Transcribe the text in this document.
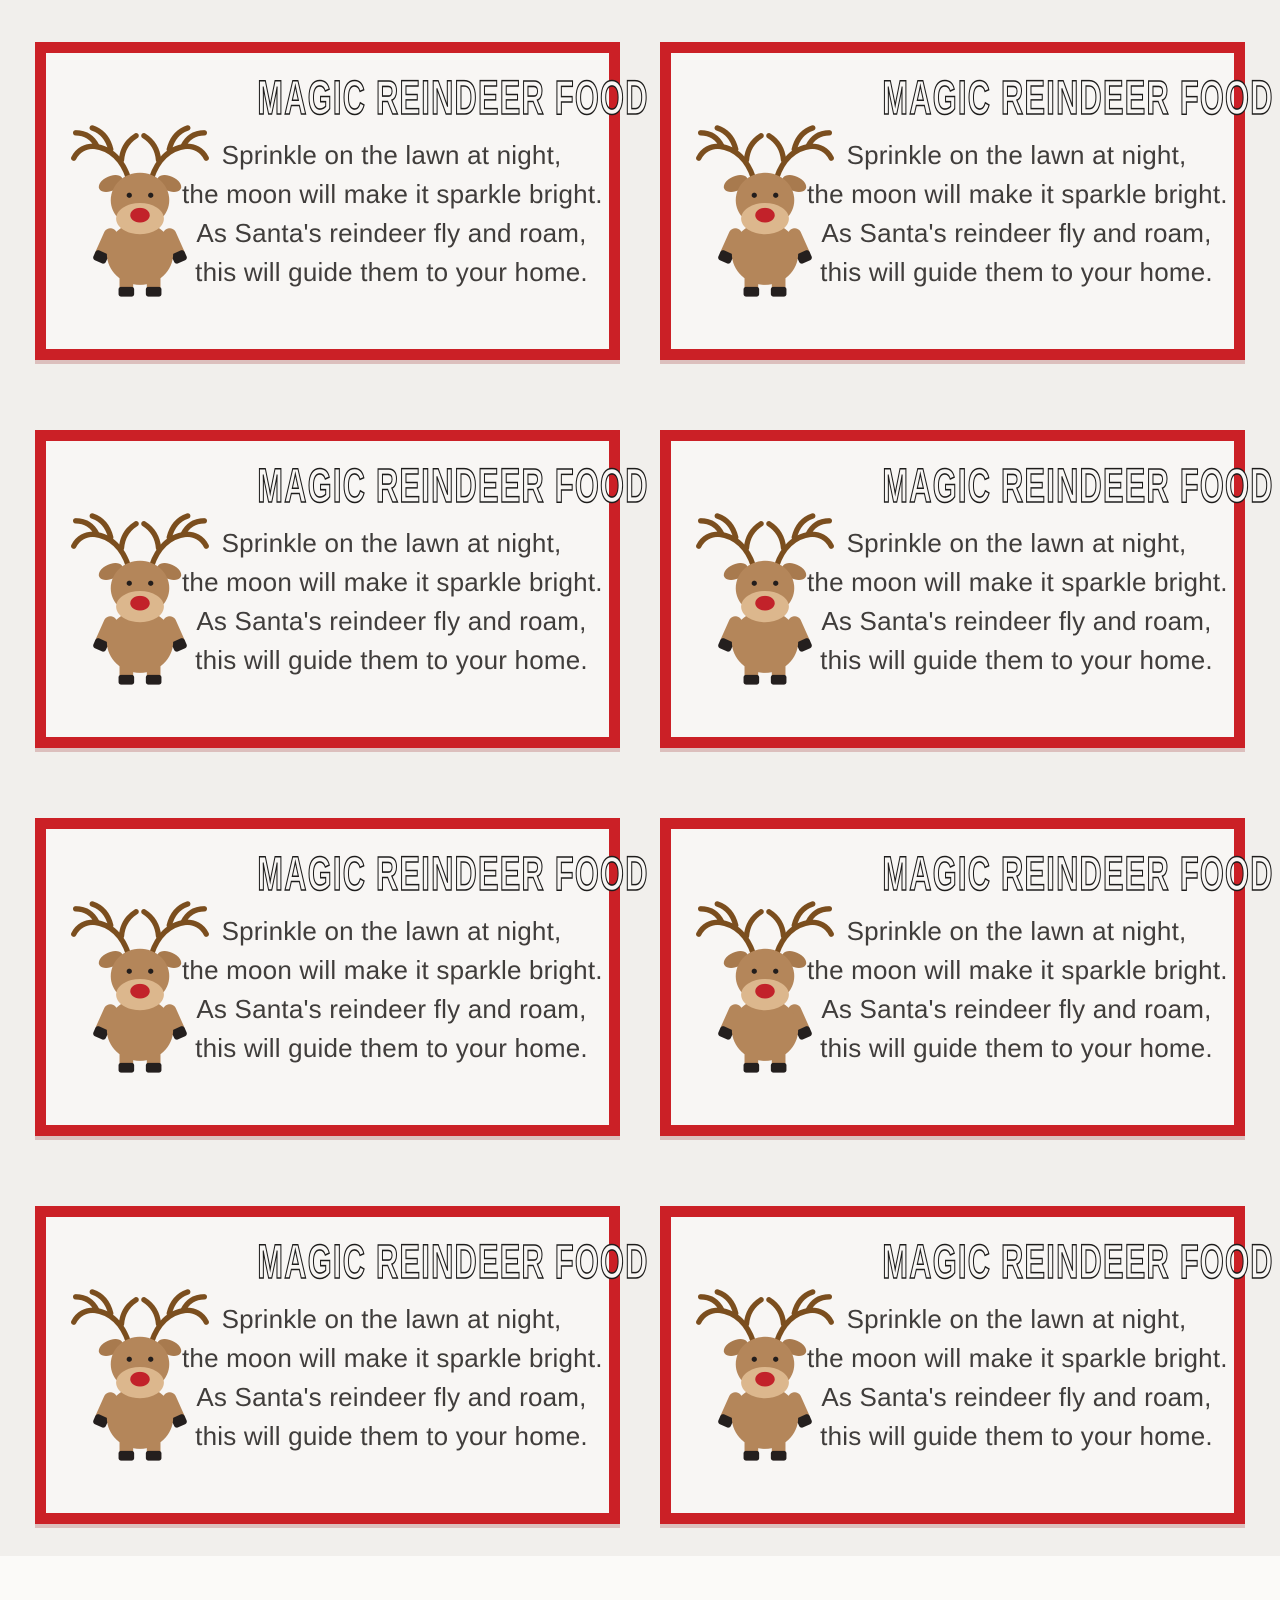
MAGIC REINDEER FOOD
Sprinkle on the lawn at night,
the moon will make it sparkle bright.
As Santa's reindeer fly and roam,
this will guide them to your home.
MAGIC REINDEER FOOD
Sprinkle on the lawn at night,
the moon will make it sparkle bright.
As Santa's reindeer fly and roam,
this will guide them to your home.
MAGIC REINDEER FOOD
Sprinkle on the lawn at night,
the moon will make it sparkle bright.
As Santa's reindeer fly and roam,
this will guide them to your home.
MAGIC REINDEER FOOD
Sprinkle on the lawn at night,
the moon will make it sparkle bright.
As Santa's reindeer fly and roam,
this will guide them to your home.
MAGIC REINDEER FOOD
Sprinkle on the lawn at night,
the moon will make it sparkle bright.
As Santa's reindeer fly and roam,
this will guide them to your home.
MAGIC REINDEER FOOD
Sprinkle on the lawn at night,
the moon will make it sparkle bright.
As Santa's reindeer fly and roam,
this will guide them to your home.
MAGIC REINDEER FOOD
Sprinkle on the lawn at night,
the moon will make it sparkle bright.
As Santa's reindeer fly and roam,
this will guide them to your home.
MAGIC REINDEER FOOD
Sprinkle on the lawn at night,
the moon will make it sparkle bright.
As Santa's reindeer fly and roam,
this will guide them to your home.
